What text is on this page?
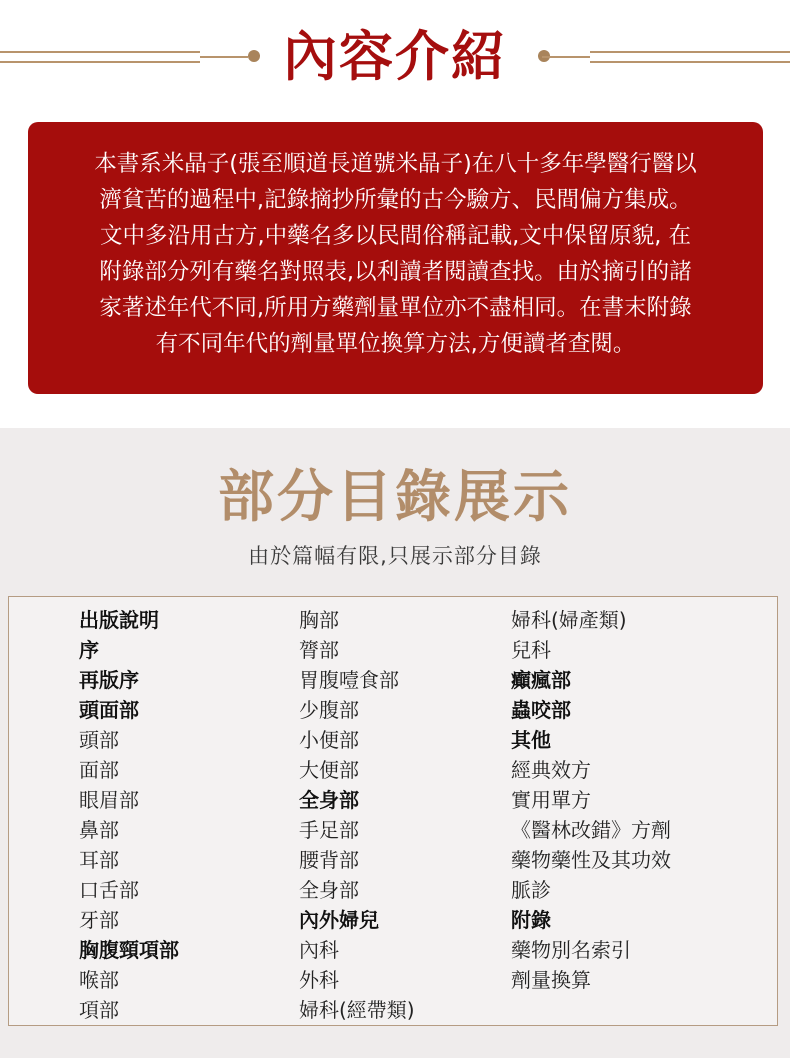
內容介紹
本書系米晶子(張至順道長道號米晶子)在八十多年學醫行醫以
濟貧苦的過程中,記錄摘抄所彙的古今驗方、民間偏方集成。
文中多沿用古方,中藥名多以民間俗稱記載,文中保留原貌, 在
附錄部分列有藥名對照表,以利讀者閱讀查找。由於摘引的諸
家著述年代不同,所用方藥劑量單位亦不盡相同。在書末附錄
有不同年代的劑量單位換算方法,方便讀者查閱。
部分目錄展示
由於篇幅有限,只展示部分目錄
出版說明
序
再版序
頭面部
頭部
面部
眼眉部
鼻部
耳部
口舌部
牙部
胸腹頸項部
喉部
項部
胸部
膂部
胃腹噎食部
少腹部
小便部
大便部
全身部
手足部
腰背部
全身部
內外婦兒
內科
外科
婦科(經帶類)
婦科(婦產類)
兒科
癲瘋部
蟲咬部
其他
經典效方
實用單方
《醫林改錯》方劑
藥物藥性及其功效
脈診
附錄
藥物別名索引
劑量換算
